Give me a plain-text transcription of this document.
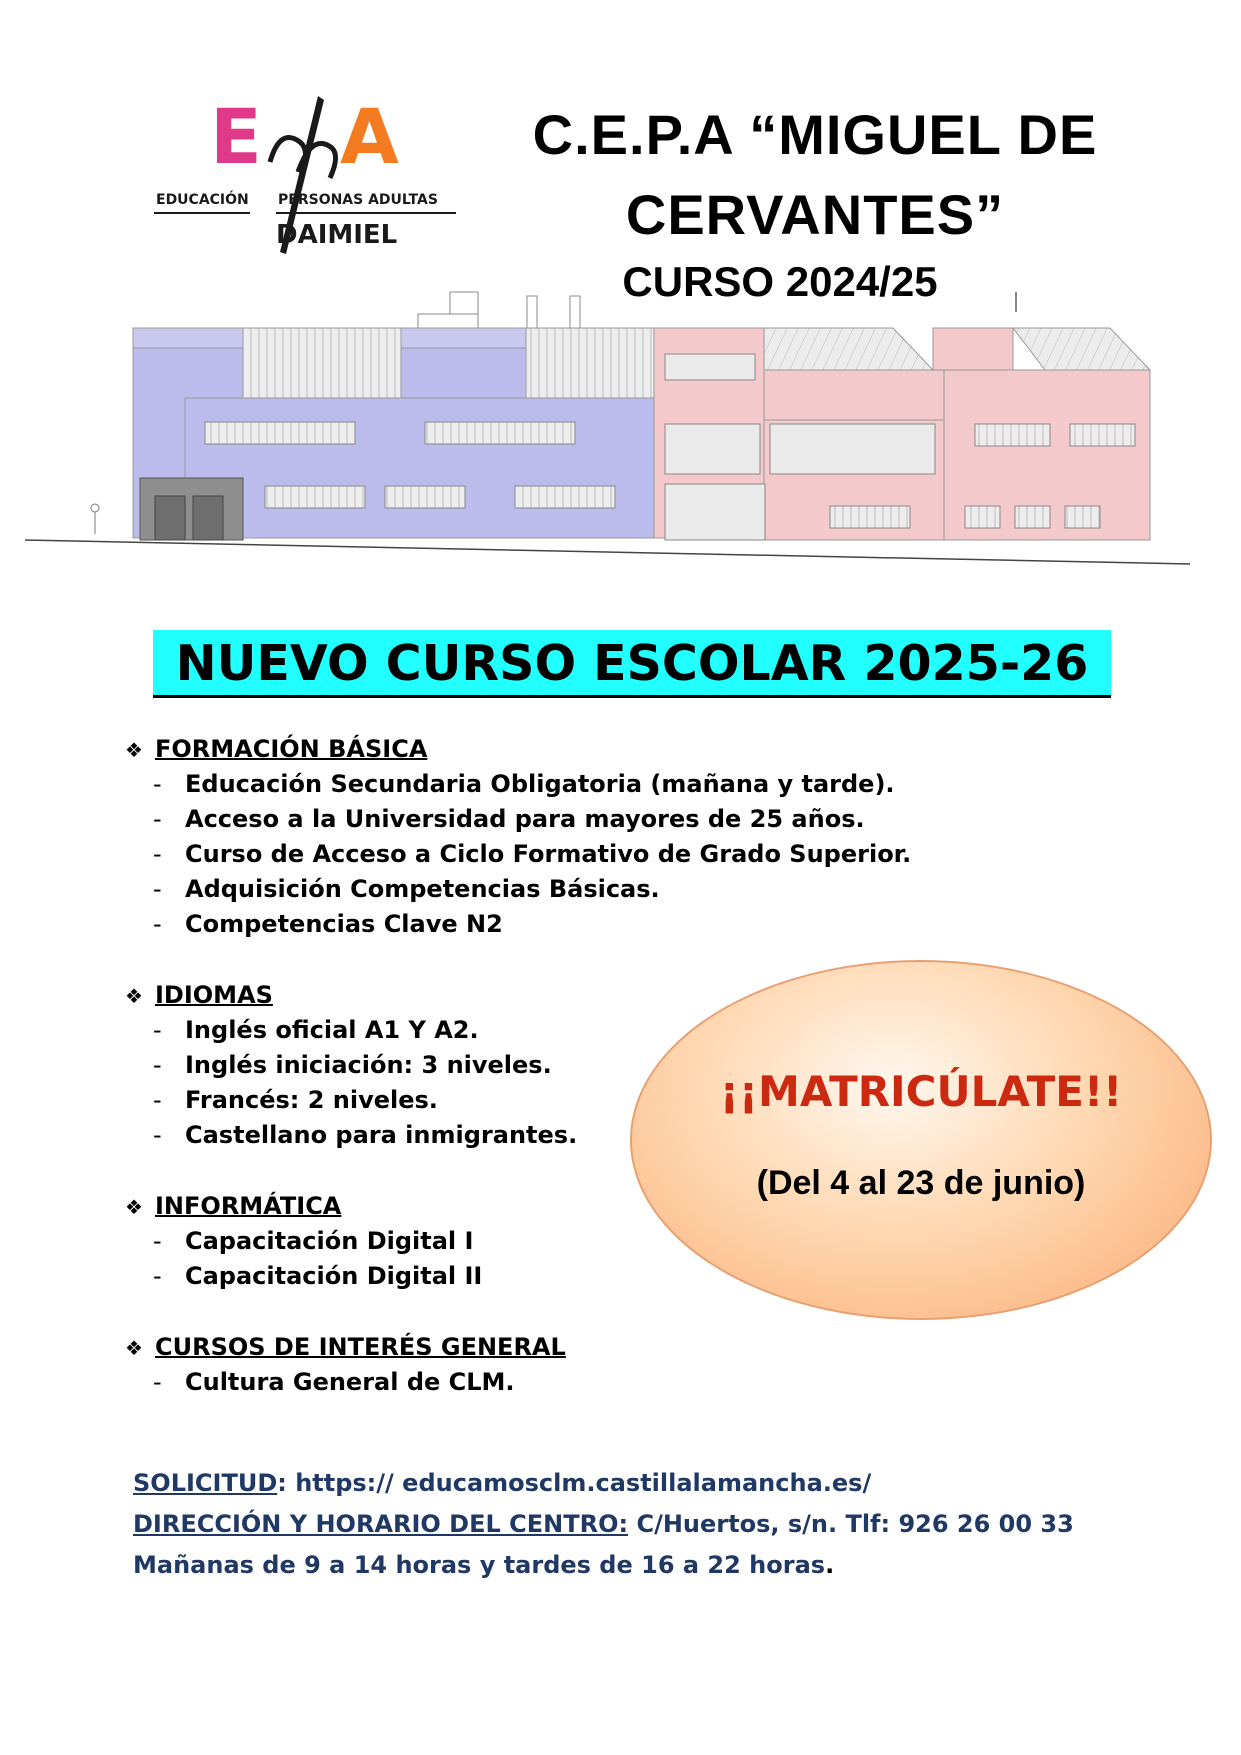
E A
EDUCACIÓN PERSONAS ADULTAS
DAIMIEL
C.E.P.A “MIGUEL DE
CERVANTES”
CURSO 2024/25
NUEVO CURSO ESCOLAR 2025-26
❖ FORMACIÓN BÁSICA
- Educación Secundaria Obligatoria (mañana y tarde).
- Acceso a la Universidad para mayores de 25 años.
- Curso de Acceso a Ciclo Formativo de Grado Superior.
- Adquisición Competencias Básicas.
- Competencias Clave N2
❖ IDIOMAS
- Inglés oficial A1 Y A2.
- Inglés iniciación: 3 niveles.
- Francés: 2 niveles.
- Castellano para inmigrantes.
❖ INFORMÁTICA
- Capacitación Digital I
- Capacitación Digital II
❖ CURSOS DE INTERÉS GENERAL
- Cultura General de CLM.
¡¡MATRICÚLATE!!
(Del 4 al 23 de junio)
SOLICITUD: https:// educamosclm.castillalamancha.es/
DIRECCIÓN Y HORARIO DEL CENTRO: C/Huertos, s/n. Tlf: 926 26 00 33
Mañanas de 9 a 14 horas y tardes de 16 a 22 horas.
